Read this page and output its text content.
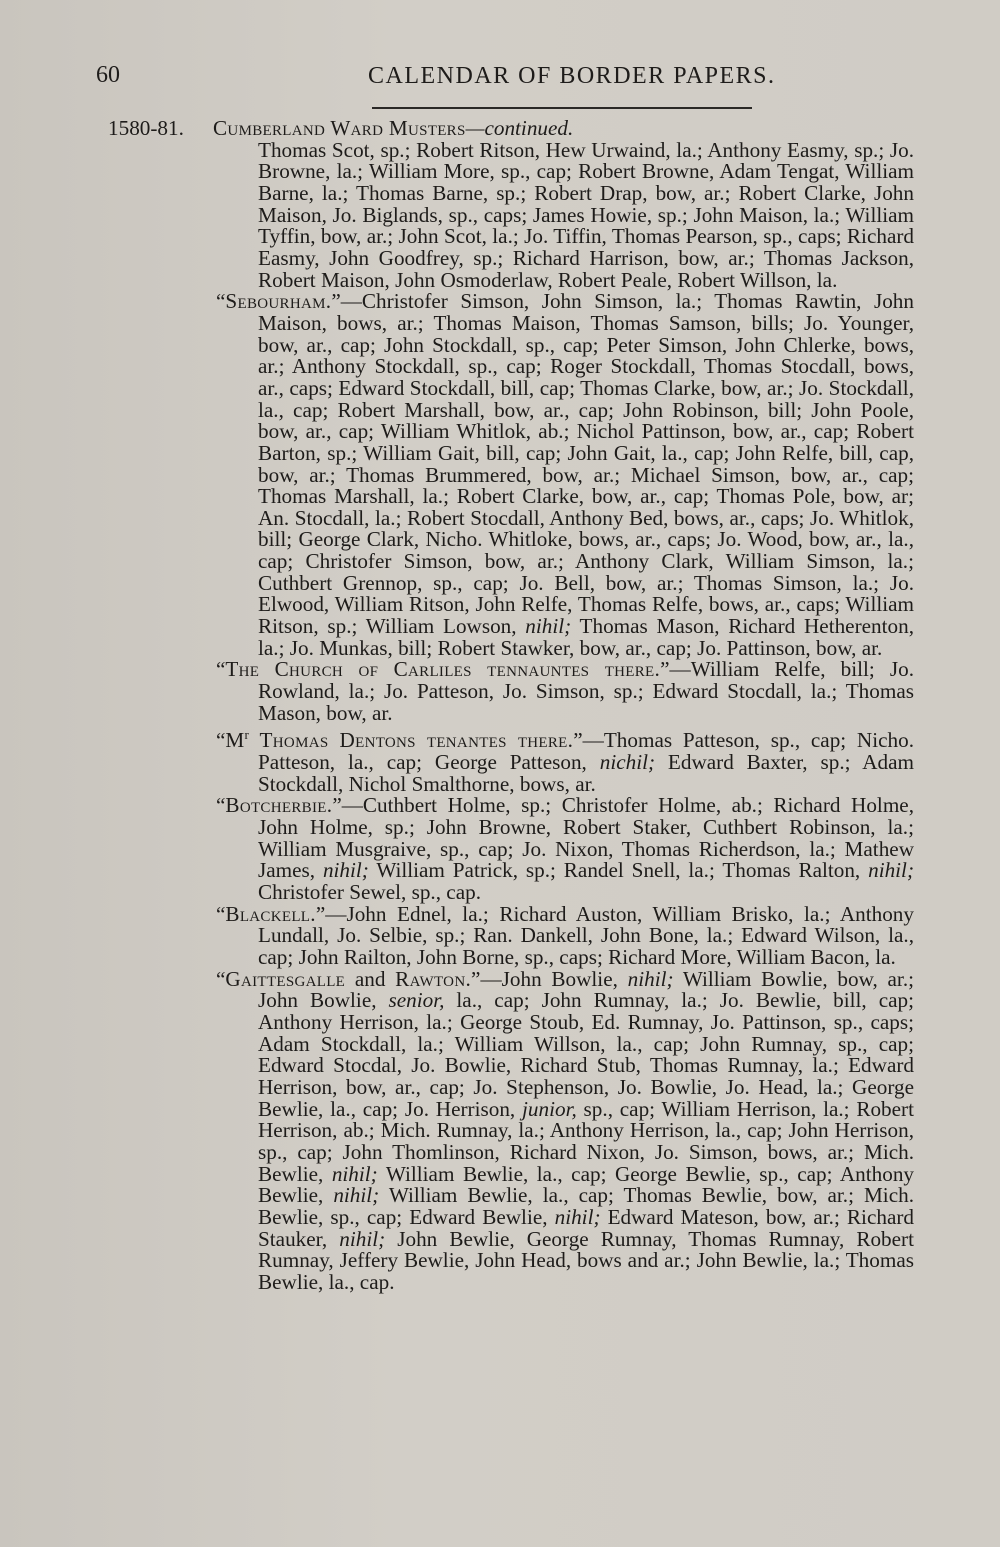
60	CALENDAR OF BORDER PAPERS.
1580-81.	Cumberland Ward Musters—continued.

Thomas Scot, sp.; Robert Ritson, Hew Urwaind, la.; Anthony Easmy, sp.; Jo. Browne, la.; William More, sp., cap; Robert Browne, Adam Tengat, William Barne, la.; Thomas Barne, sp.; Robert Drap, bow, ar.; Robert Clarke, John Maison, Jo. Biglands, sp., caps; James Howie, sp.; John Maison, la.; William Tyffin, bow, ar.; John Scot, la.; Jo. Tiffin, Thomas Pearson, sp., caps; Richard Easmy, John Goodfrey, sp.; Richard Harrison, bow, ar.; Thomas Jackson, Robert Maison, John Osmoderlaw, Robert Peale, Robert Willson, la.

“Sebourham.”—Christofer Simson, John Simson, la.; Thomas Rawtin, John Maison, bows, ar.; Thomas Maison, Thomas Samson, bills; Jo. Younger, bow, ar., cap; John Stockdall, sp., cap; Peter Simson, John Chlerke, bows, ar.; Anthony Stockdall, sp., cap; Roger Stockdall, Thomas Stocdall, bows, ar., caps; Edward Stockdall, bill, cap; Thomas Clarke, bow, ar.; Jo. Stockdall, la., cap; Robert Marshall, bow, ar., cap; John Robinson, bill; John Poole, bow, ar., cap; William Whitlok, ab.; Nichol Pattinson, bow, ar., cap; Robert Barton, sp.; William Gait, bill, cap; John Gait, la., cap; John Relfe, bill, cap, bow, ar.; Thomas Brummered, bow, ar.; Michael Simson, bow, ar., cap; Thomas Marshall, la.; Robert Clarke, bow, ar., cap; Thomas Pole, bow, ar; An. Stocdall, la.; Robert Stocdall, Anthony Bed, bows, ar., caps; Jo. Whitlok, bill; George Clark, Nicho. Whitloke, bows, ar., caps; Jo. Wood, bow, ar., la., cap; Christofer Simson, bow, ar.; Anthony Clark, William Simson, la.; Cuthbert Grennop, sp., cap; Jo. Bell, bow, ar.; Thomas Simson, la.; Jo. Elwood, William Ritson, John Relfe, Thomas Relfe, bows, ar., caps; William Ritson, sp.; William Lowson, nihil; Thomas Mason, Richard Hetherenton, la.; Jo. Munkas, bill; Robert Stawker, bow, ar., cap; Jo. Pattinson, bow, ar.

“The Church of Carliles tennauntes there.”—William Relfe, bill; Jo. Rowland, la.; Jo. Patteson, Jo. Simson, sp.; Edward Stocdall, la.; Thomas Mason, bow, ar.

“$M^r$ Thomas Dentons tenantes there.”—Thomas Patteson, sp., cap; Nicho. Patteson, la., cap; George Patteson, nichil; Edward Baxter, sp.; Adam Stockdall, Nichol Smalthorne, bows, ar.

“Botcherbie.”—Cuthbert Holme, sp.; Christofer Holme, ab.; Richard Holme, John Holme, sp.; John Browne, Robert Staker, Cuthbert Robinson, la.; William Musgraive, sp., cap; Jo. Nixon, Thomas Richerdson, la.; Mathew James, nihil; William Patrick, sp.; Randel Snell, la.; Thomas Ralton, nihil; Christofer Sewel, sp., cap.

“Blackell.”—John Ednel, la.; Richard Auston, William Brisko, la.; Anthony Lundall, Jo. Selbie, sp.; Ran. Dankell, John Bone, la.; Edward Wilson, la., cap; John Railton, John Borne, sp., caps; Richard More, William Bacon, la.

“Gaittesgalle and Rawton.”—John Bowlie, nihil; William Bowlie, bow, ar.; John Bowlie, senior, la., cap; John Rumnay, la.; Jo. Bewlie, bill, cap; Anthony Herrison, la.; George Stoub, Ed. Rumnay, Jo. Pattinson, sp., caps; Adam Stockdall, la.; William Willson, la., cap; John Rumnay, sp., cap; Edward Stocdal, Jo. Bowlie, Richard Stub, Thomas Rumnay, la.; Edward Herrison, bow, ar., cap; Jo. Stephenson, Jo. Bowlie, Jo. Head, la.; George Bewlie, la., cap; Jo. Herrison, junior, sp., cap; William Herrison, la.; Robert Herrison, ab.; Mich. Rumnay, la.; Anthony Herrison, la., cap; John Herrison, sp., cap; John Thomlinson, Richard Nixon, Jo. Simson, bows, ar.; Mich. Bewlie, nihil; William Bewlie, la., cap; George Bewlie, sp., cap; Anthony Bewlie, nihil; William Bewlie, la., cap; Thomas Bewlie, bow, ar.; Mich. Bewlie, sp., cap; Edward Bewlie, nihil; Edward Mateson, bow, ar.; Richard Stauker, nihil; John Bewlie, George Rumnay, Thomas Rumnay, Robert Rumnay, Jeffery Bewlie, John Head, bows and ar.; John Bewlie, la.; Thomas Bewlie, la., cap.
